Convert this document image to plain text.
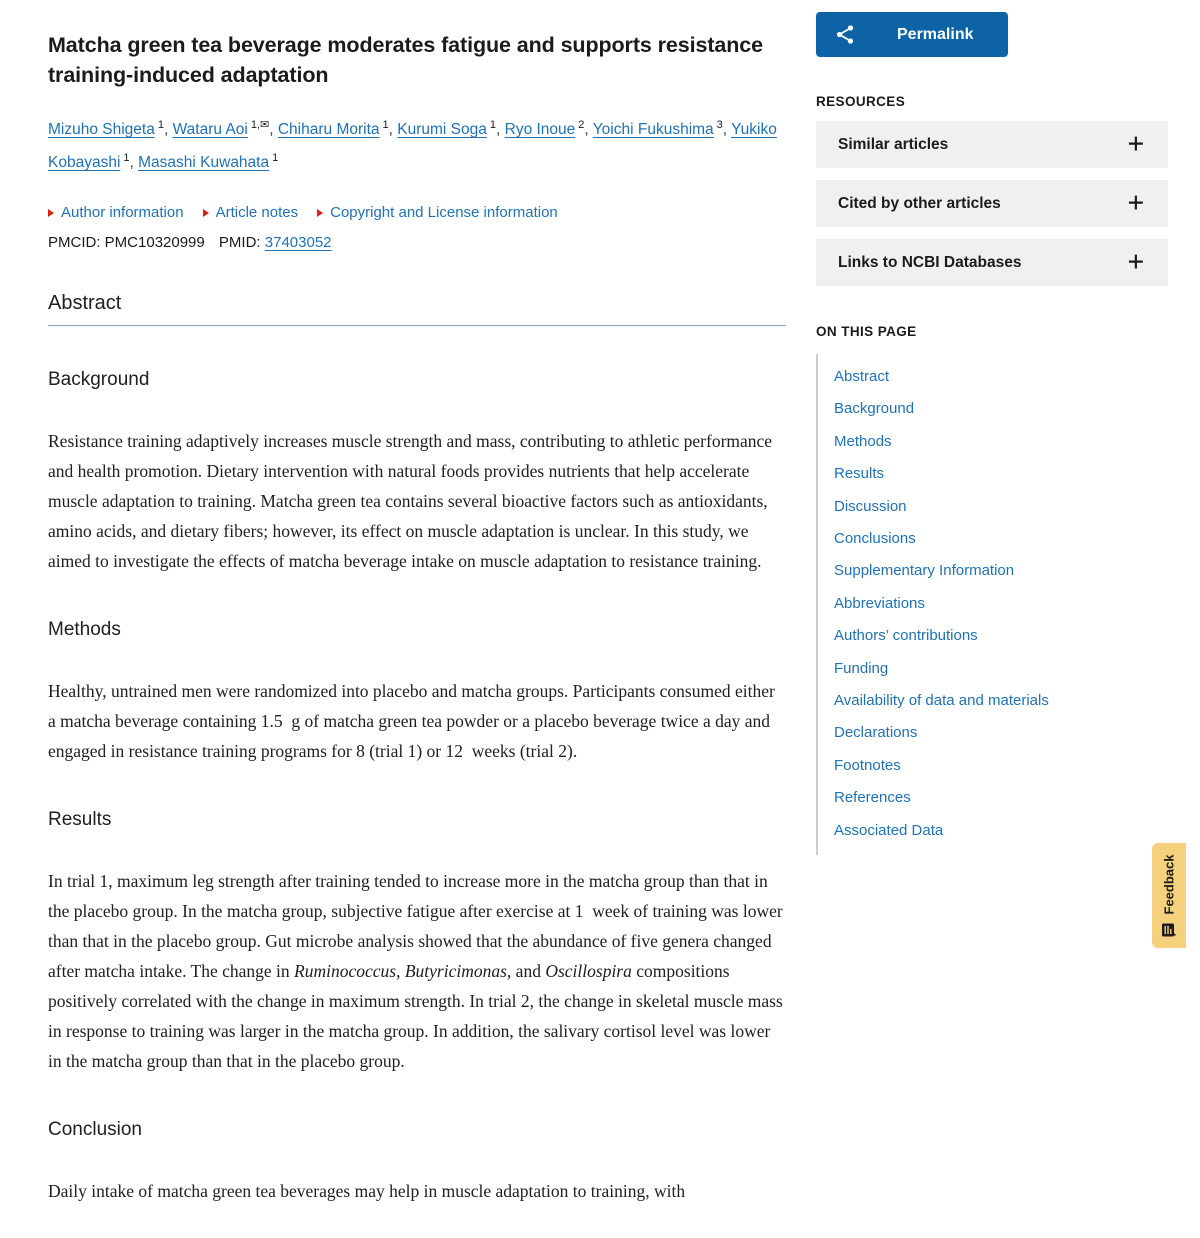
Matcha green tea beverage moderates fatigue and supports resistance training-induced adaptation

Mizuho Shigeta $^1$, Wataru Aoi $^{1,✉}$, Chiharu Morita $^1$, Kurumi Soga $^1$, Ryo Inoue $^2$, Yoichi Fukushima $^3$, Yukiko Kobayashi $^1$, Masashi Kuwahata $^1$

Author information Article notes Copyright and License information

PMCID: PMC10320999 PMID: 37403052

Abstract
Background

Resistance training adaptively increases muscle strength and mass, contributing to athletic performance and health promotion. Dietary intervention with natural foods provides nutrients that help accelerate muscle adaptation to training. Matcha green tea contains several bioactive factors such as antioxidants, amino acids, and dietary fibers; however, its effect on muscle adaptation is unclear. In this study, we aimed to investigate the effects of matcha beverage intake on muscle adaptation to resistance training.

Methods

Healthy, untrained men were randomized into placebo and matcha groups. Participants consumed either a matcha beverage containing 1.5  g of matcha green tea powder or a placebo beverage twice a day and engaged in resistance training programs for 8 (trial 1) or 12  weeks (trial 2).

Results

In trial 1, maximum leg strength after training tended to increase more in the matcha group than that in the placebo group. In the matcha group, subjective fatigue after exercise at 1  week of training was lower than that in the placebo group. Gut microbe analysis showed that the abundance of five genera changed after matcha intake. The change in Ruminococcus, Butyricimonas, and Oscillospira compositions positively correlated with the change in maximum strength. In trial 2, the change in skeletal muscle mass in response to training was larger in the matcha group. In addition, the salivary cortisol level was lower in the matcha group than that in the placebo group.

Conclusion

Daily intake of matcha green tea beverages may help in muscle adaptation to training, with

Permalink
RESOURCES
Similar articles	+
Cited by other articles	+
Links to NCBI Databases	+
ON THIS PAGE
Abstract
Background
Methods
Results
Discussion
Conclusions
Supplementary Information
Abbreviations
Authors’ contributions
Funding
Availability of data and materials
Declarations
Footnotes
References
Associated Data
Feedback
